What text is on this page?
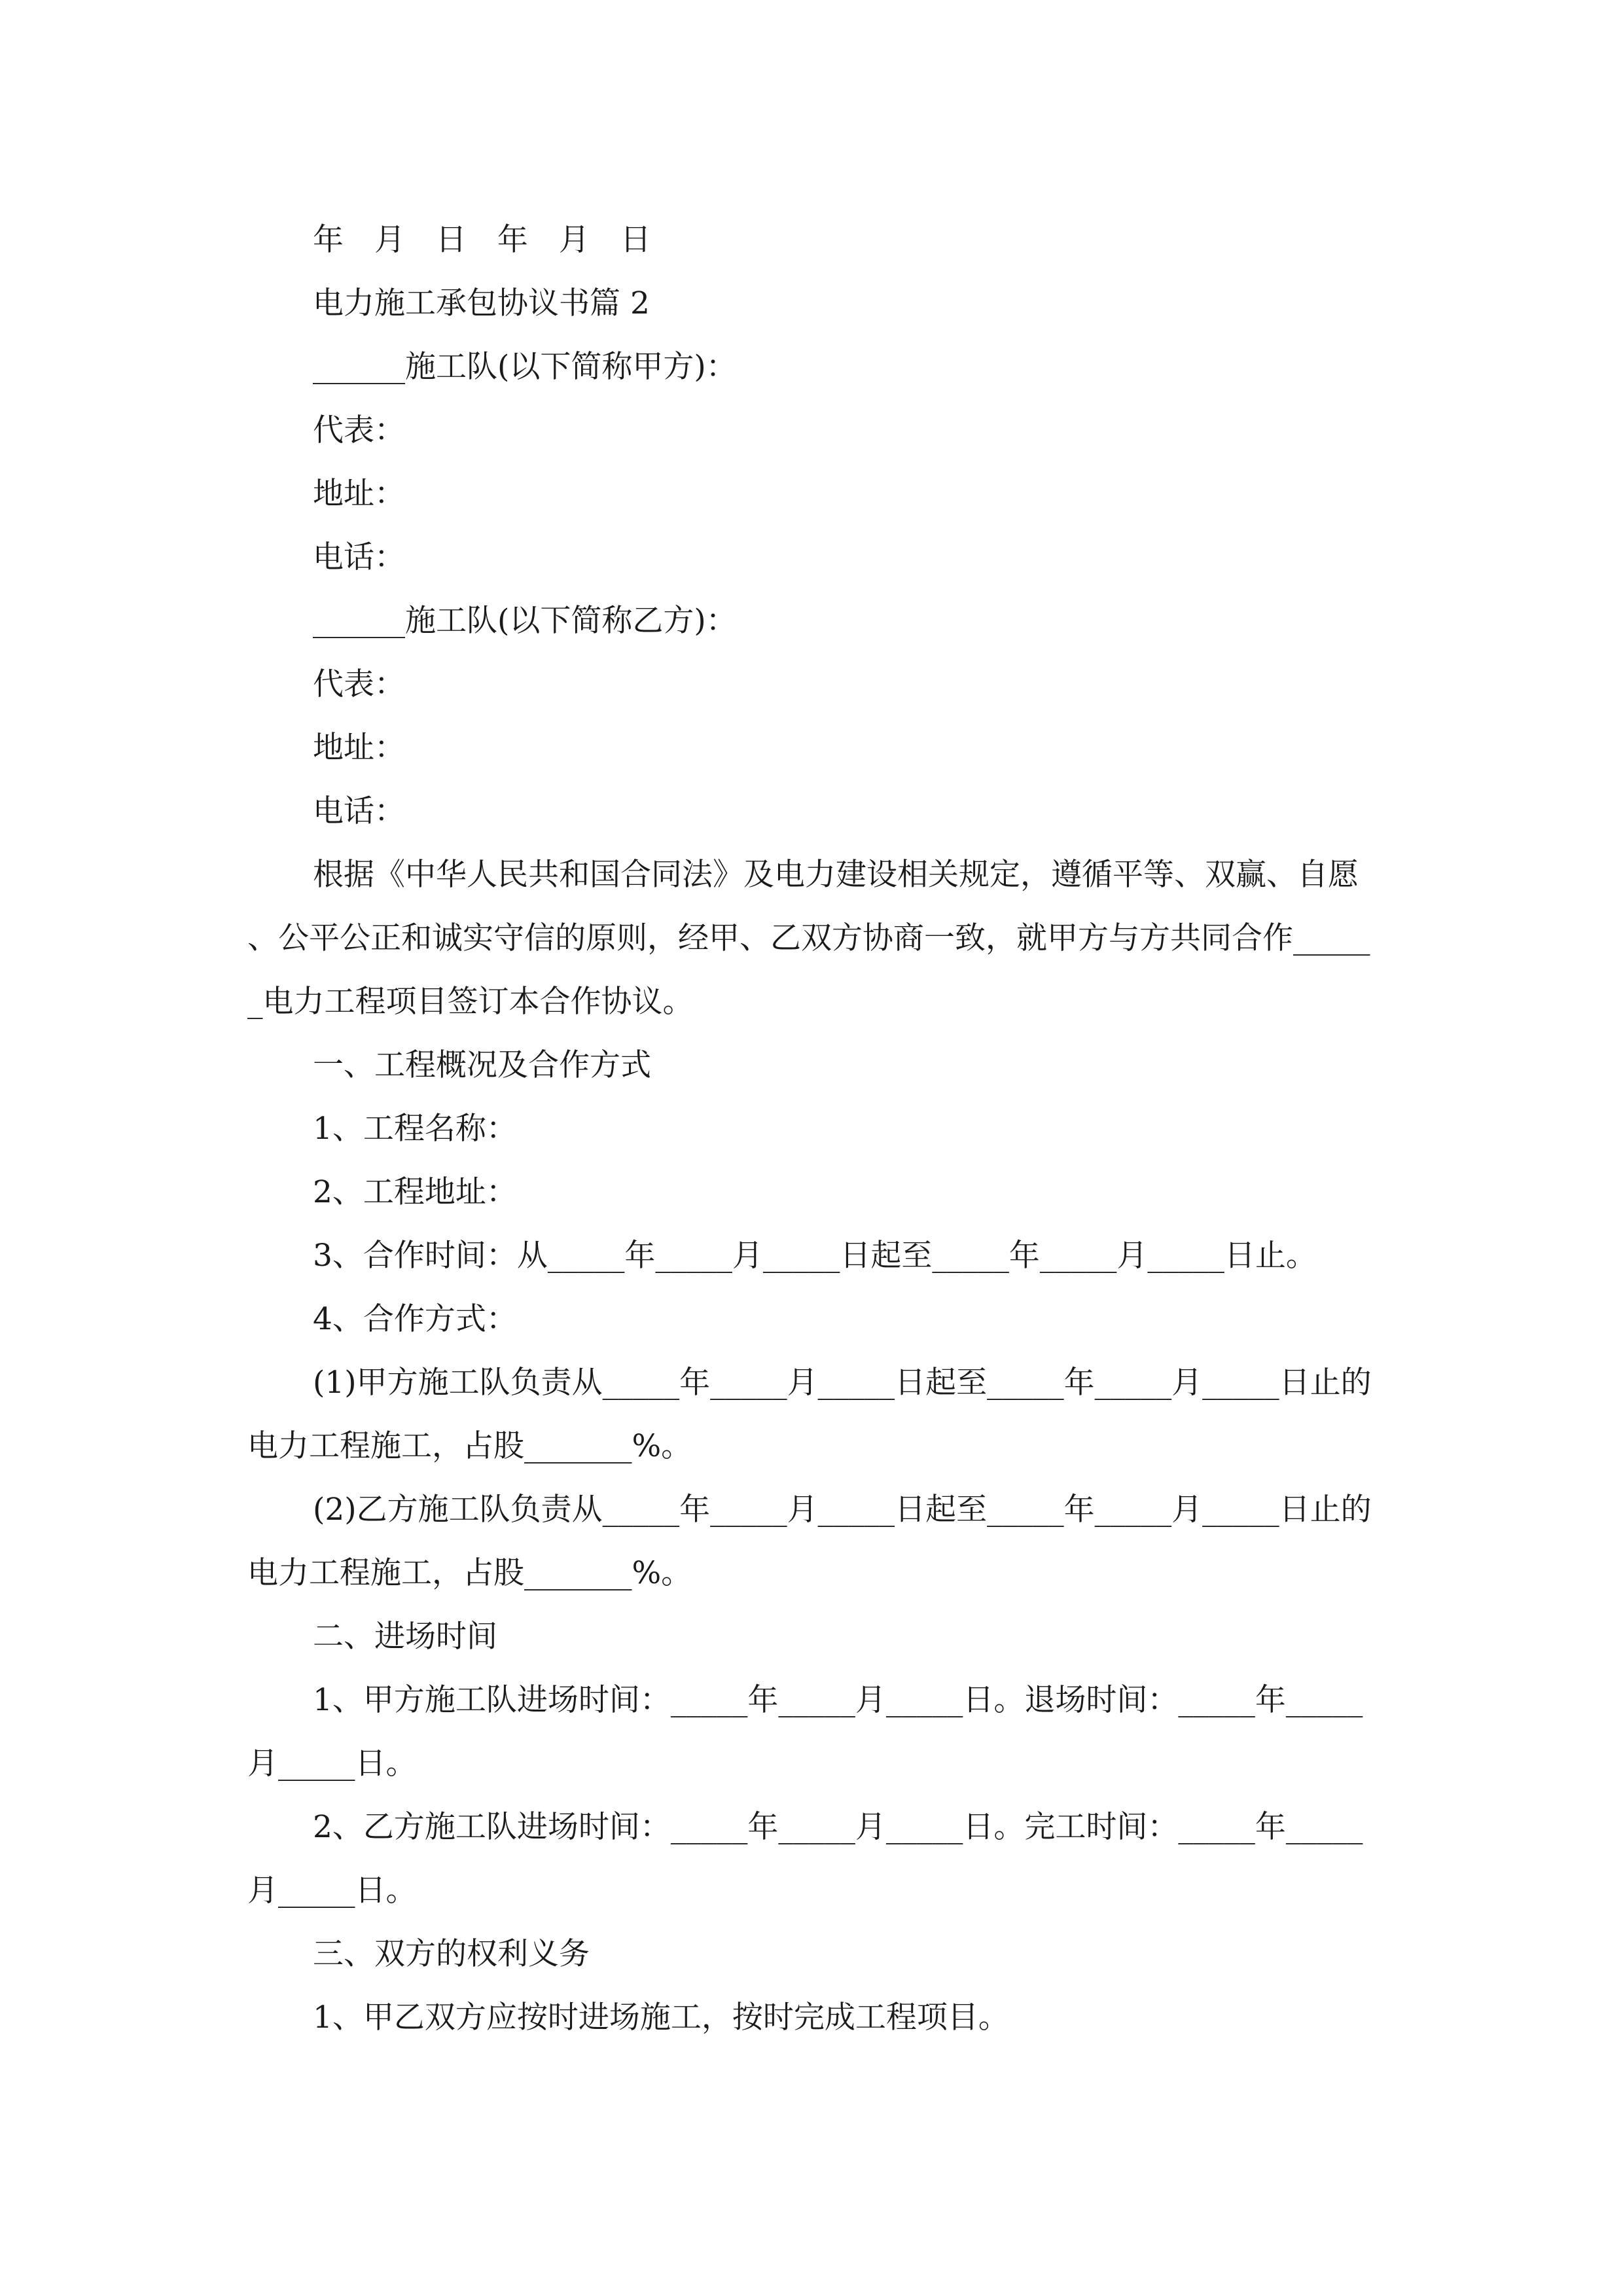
年 月 日 年 月 日

电力施工承包协议书篇 2

______施工队(以下简称甲方)：

代表：

地址：

电话：

______施工队(以下简称乙方)：

代表：

地址：

电话：

根据《中华人民共和国合同法》及电力建设相关规定，遵循平等、双赢、自愿、公平公正和诚实守信的原则，经甲、乙双方协商一致，就甲方与方共同合作______电力工程项目签订本合作协议。

一、工程概况及合作方式

1、工程名称：

2、工程地址：

3、合作时间：从_____年_____月_____日起至_____年_____月_____日止。

4、合作方式：

(1)甲方施工队负责从_____年_____月_____日起至_____年_____月_____日止的电力工程施工，占股_______%。

(2)乙方施工队负责从_____年_____月_____日起至_____年_____月_____日止的电力工程施工，占股_______%。

二、进场时间

1、甲方施工队进场时间：_____年_____月_____日。退场时间：_____年_____月_____日。

2、乙方施工队进场时间：_____年_____月_____日。完工时间：_____年_____月_____日。

三、双方的权利义务

1、甲乙双方应按时进场施工，按时完成工程项目。
